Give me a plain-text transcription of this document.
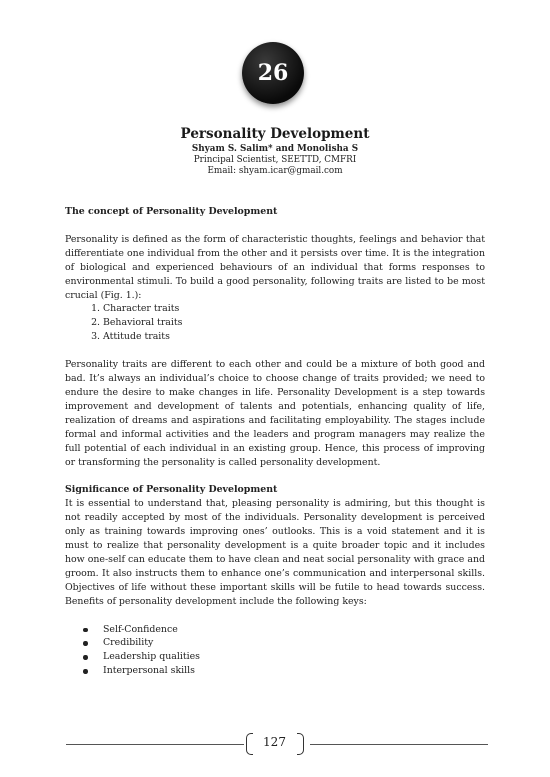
26
Personality Development
Shyam S. Salim* and Monolisha S
Principal Scientist, SEETTD, CMFRI
Email: shyam.icar@gmail.com

The concept of Personality Development

Personality is defined as the form of characteristic thoughts, feelings and behavior that differentiate one individual from the other and it persists over time. It is the integration of biological and experienced behaviours of an individual that forms responses to environmental stimuli. To build a good personality, following traits are listed to be most crucial (Fig. 1.):

1. Character traits
2. Behavioral traits
3. Attitude traits

Personality traits are different to each other and could be a mixture of both good and bad. It’s always an individual’s choice to choose change of traits provided; we need to endure the desire to make changes in life. Personality Development is a step towards improvement and development of talents and potentials, enhancing quality of life, realization of dreams and aspirations and facilitating employability. The stages include formal and informal activities and the leaders and program managers may realize the full potential of each individual in an existing group. Hence, this process of improving or transforming the personality is called personality development.

Significance of Personality Development

It is essential to understand that, pleasing personality is admiring, but this thought is not readily accepted by most of the individuals. Personality development is perceived only as training towards improving ones’ outlooks. This is a void statement and it is must to realize that personality development is a quite broader topic and it includes how one-self can educate them to have clean and neat social personality with grace and groom. It also instructs them to enhance one’s communication and interpersonal skills. Objectives of life without these important skills will be futile to head towards success. Benefits of personality development include the following keys:

Self-Confidence
Credibility
Leadership qualities
Interpersonal skills
127
